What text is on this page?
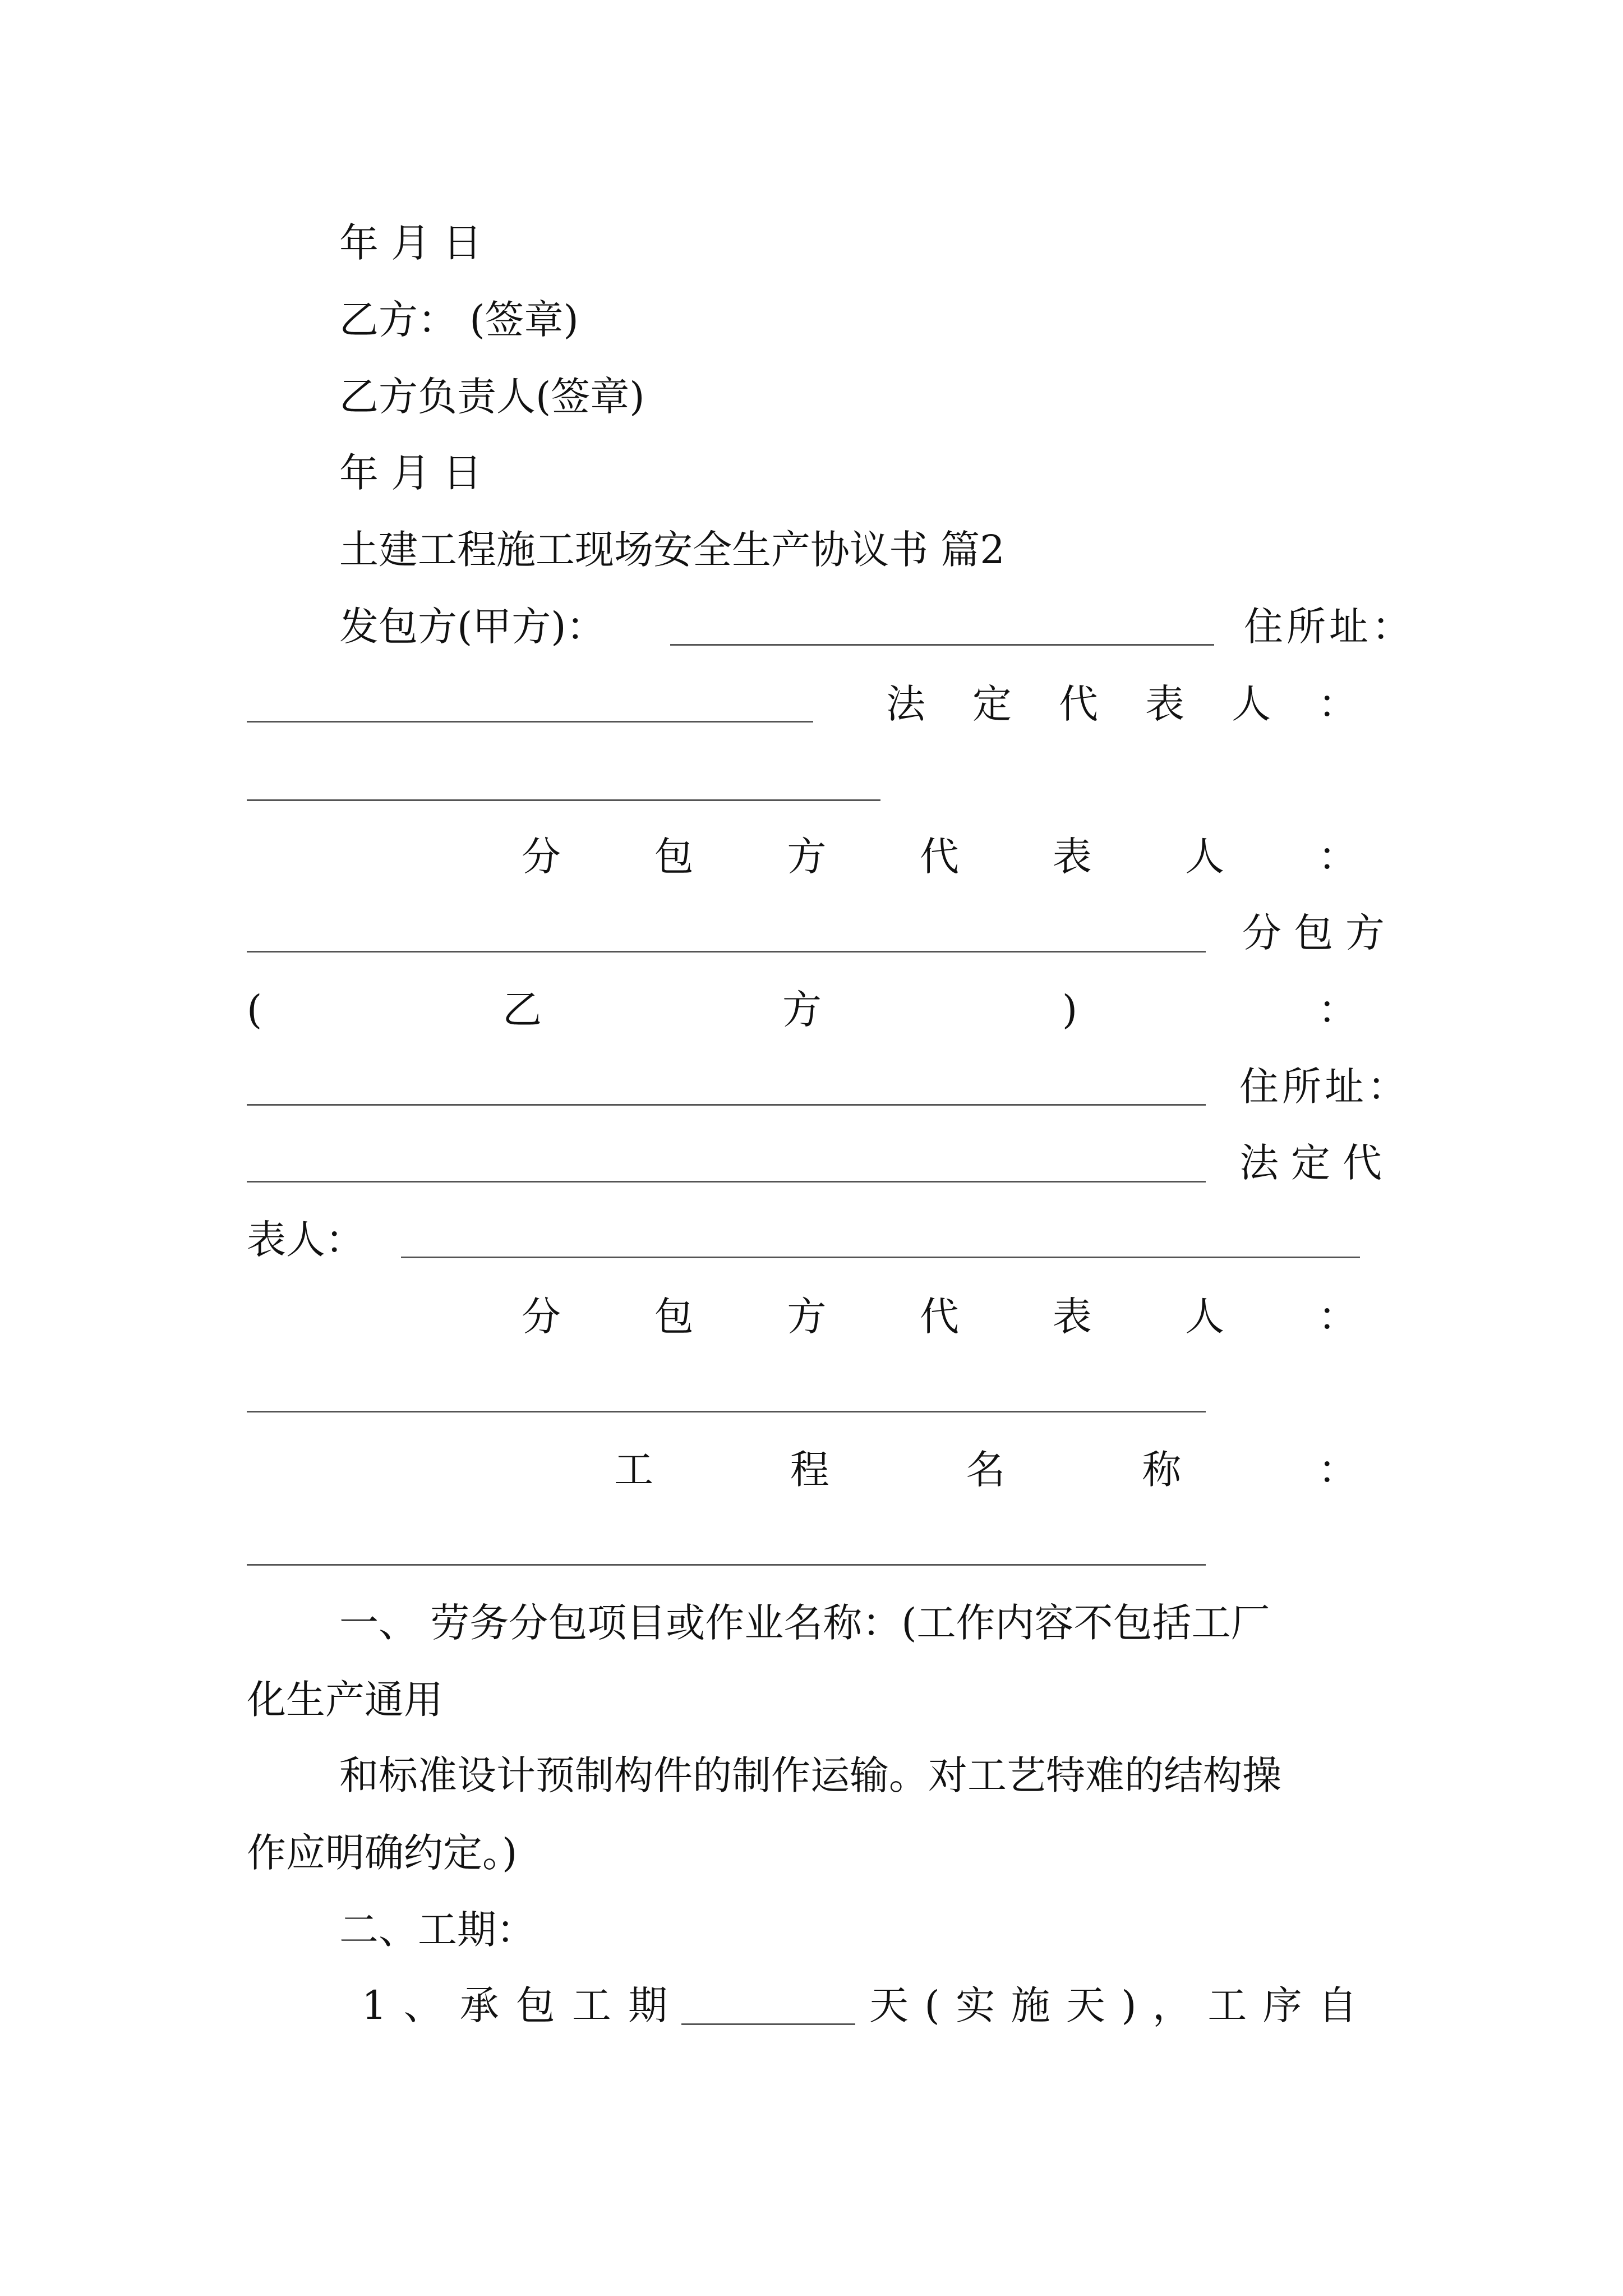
年 月 日
乙方： (签章)
乙方负责人(签章)
年 月 日
土建工程施工现场安全生产协议书 篇2
发包方(甲方)：	住所址：
法 定 代 表 人 ：
分 包 方 代 表 人 ：
分包方
(	乙	方	)	：
住所址：
法定代
表人：
分 包 方 代 表 人 ：
工	程	名	称	：
一、 劳务分包项目或作业名称：(工作内容不包括工厂
化生产通用
和标准设计预制构件的制作运输。对工艺特难的结构操
作应明确约定。)
二、工期：
1 、 承 包 工 期	天 ( 实 施 天 ) ， 工 序 自
